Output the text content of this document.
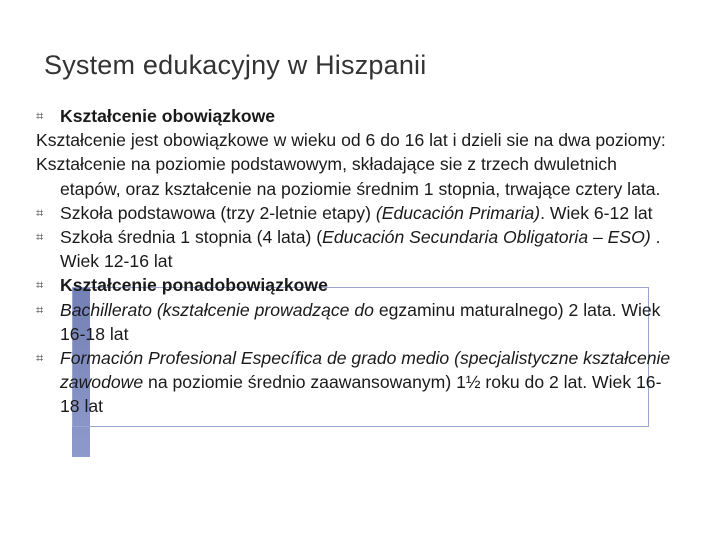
System edukacyjny w Hiszpanii
⌗ Kształcenie obowiązkowe
Kształcenie jest obowiązkowe w wieku od 6 do 16 lat i dzieli sie na dwa poziomy:
Kształcenie na poziomie podstawowym, składające sie z trzech dwuletnich etapów, oraz kształcenie na poziomie średnim 1 stopnia, trwające cztery lata.
⌗ Szkoła podstawowa (trzy 2-letnie etapy) (Educación Primaria). Wiek 6-12 lat
⌗ Szkoła średnia 1 stopnia (4 lata) (Educación Secundaria Obligatoria – ESO) . Wiek 12-16 lat
⌗ Kształcenie ponadobowiązkowe
⌗ Bachillerato (kształcenie prowadzące do egzaminu maturalnego) 2 lata. Wiek 16-18 lat
⌗ Formación Profesional Específica de grado medio (specjalistyczne kształcenie zawodowe na poziomie średnio zaawansowanym) 1½ roku do 2 lat. Wiek 16-18 lat
